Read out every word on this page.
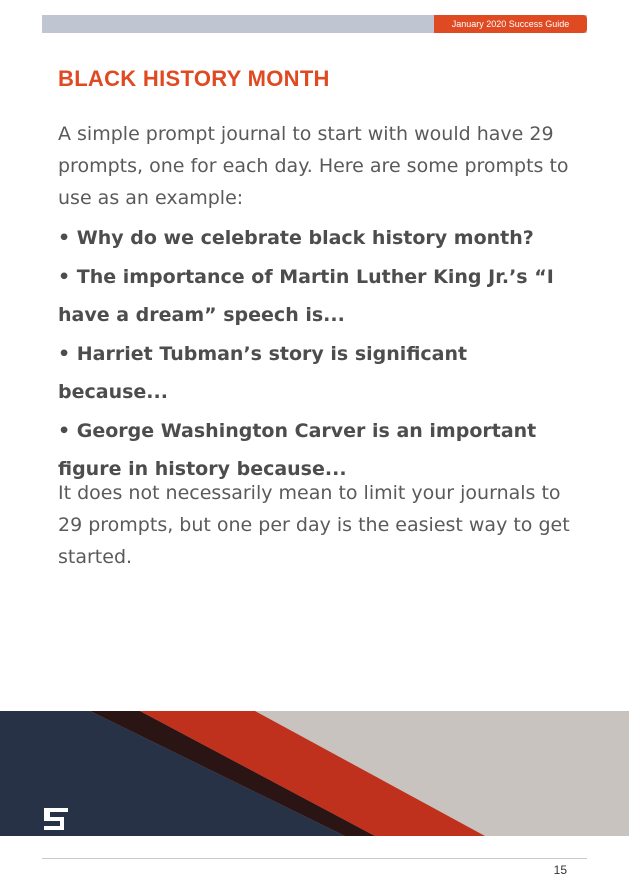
January 2020 Success Guide
BLACK HISTORY MONTH

A simple prompt journal to start with would have 29 prompts, one for each day. Here are some prompts to use as an example:

• Why do we celebrate black history month?
• The importance of Martin Luther King Jr.’s “I have a dream” speech is...
• Harriet Tubman’s story is significant because...
• George Washington Carver is an important figure in history because...

It does not necessarily mean to limit your journals to 29 prompts, but one per day is the easiest way to get started.

15
